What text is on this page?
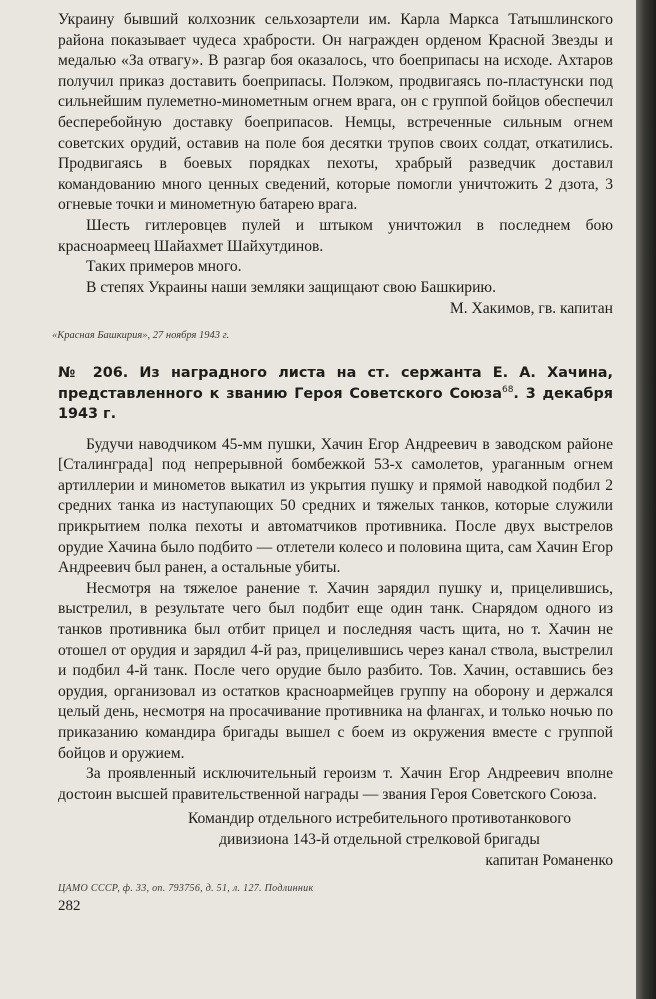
Украину бывший колхозник сельхозартели им. Карла Маркса Татышлинского района показывает чудеса храбрости. Он награжден орденом Красной Звезды и медалью «За отвагу». В разгар боя оказалось, что боеприпасы на исходе. Ахтаров получил приказ доставить боеприпасы. Полэком, продвигаясь по-пластунски под сильнейшим пулеметно-минометным огнем врага, он с группой бойцов обеспечил бесперебойную доставку боеприпасов. Немцы, встреченные сильным огнем советских орудий, оставив на поле боя десятки трупов своих солдат, откатились. Продвигаясь в боевых порядках пехоты, храбрый разведчик доставил командованию много ценных сведений, которые помогли уничтожить 2 дзота, 3 огневые точки и минометную батарею врага.

Шесть гитлеровцев пулей и штыком уничтожил в последнем бою красноармеец Шайахмет Шайхутдинов.

Таких примеров много.

В степях Украины наши земляки защищают свою Башкирию.

М. Хакимов, гв. капитан

«Красная Башкирия», 27 ноября 1943 г.

№ 206. Из наградного листа на ст. сержанта Е. А. Хачина, представленного к званию Героя Советского Союза$^{68}$. 3 декабря 1943 г.

Будучи наводчиком 45-мм пушки, Хачин Егор Андреевич в заводском районе [Сталинграда] под непрерывной бомбежкой 53-х самолетов, ураганным огнем артиллерии и минометов выкатил из укрытия пушку и прямой наводкой подбил 2 средних танка из наступающих 50 средних и тяжелых танков, которые служили прикрытием полка пехоты и автоматчиков противника. После двух выстрелов орудие Хачина было подбито — отлетели колесо и половина щита, сам Хачин Егор Андреевич был ранен, а остальные убиты.

Несмотря на тяжелое ранение т. Хачин зарядил пушку и, прицелившись, выстрелил, в результате чего был подбит еще один танк. Снарядом одного из танков противника был отбит прицел и последняя часть щита, но т. Хачин не отошел от орудия и зарядил 4-й раз, прицелившись через канал ствола, выстрелил и подбил 4-й танк. После чего орудие было разбито. Тов. Хачин, оставшись без орудия, организовал из остатков красноармейцев группу на оборону и держался целый день, несмотря на просачивание противника на флангах, и только ночью по приказанию командира бригады вышел с боем из окружения вместе с группой бойцов и оружием.

За проявленный исключительный героизм т. Хачин Егор Андреевич вполне достоин высшей правительственной награды — звания Героя Советского Союза.

Командир отдельного истребительного противотанкового
дивизиона 143-й отдельной стрелковой бригады
капитан Романенко

ЦАМО СССР, ф. 33, оп. 793756, д. 51, л. 127. Подлинник

282
